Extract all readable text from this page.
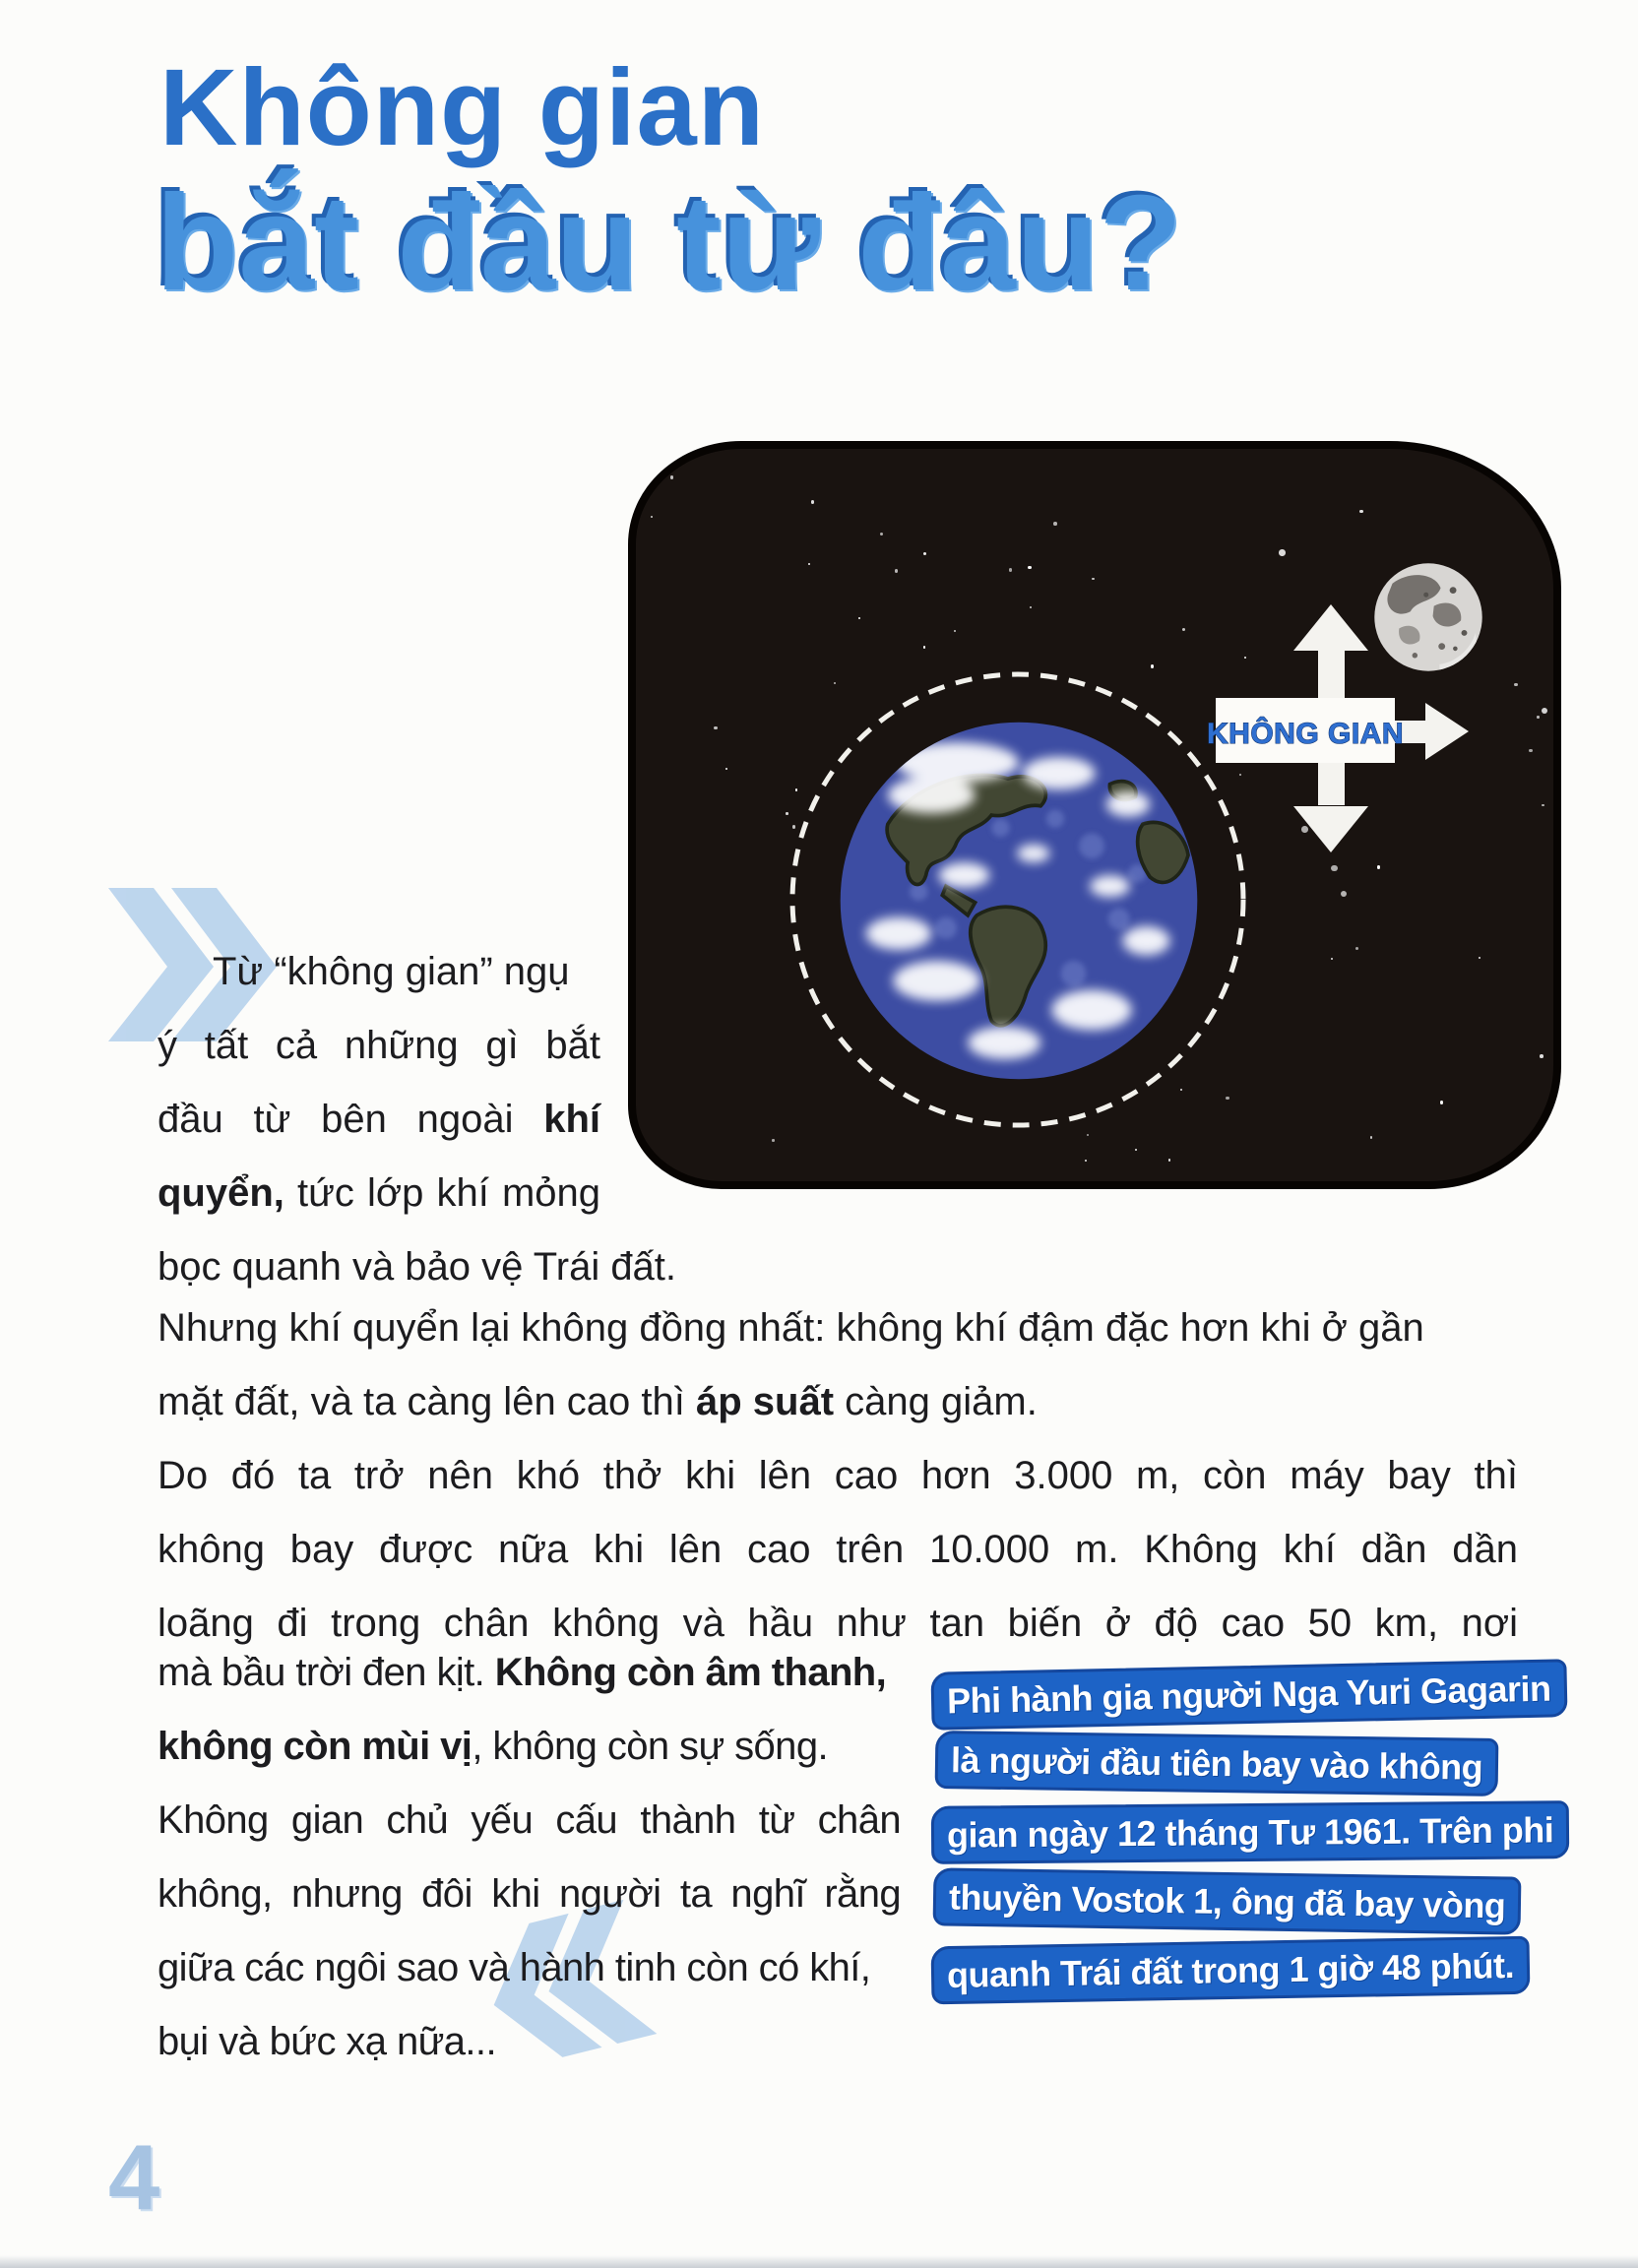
Không gian
bắt đầu từ đâu?
KHÔNG GIAN
Từ “không gian” ngụ
ý tất cả những gì bắt
đầu từ bên ngoài khí
quyển, tức lớp khí mỏng
bọc quanh và bảo vệ Trái đất.
Nhưng khí quyển lại không đồng nhất: không khí đậm đặc hơn khi ở gần
mặt đất, và ta càng lên cao thì áp suất càng giảm.
Do đó ta trở nên khó thở khi lên cao hơn 3.000 m, còn máy bay thì
không bay được nữa khi lên cao trên 10.000 m. Không khí dần dần
loãng đi trong chân không và hầu như tan biến ở độ cao 50 km, nơi
mà bầu trời đen kịt. Không còn âm thanh,
không còn mùi vị, không còn sự sống.
Không gian chủ yếu cấu thành từ chân
không, nhưng đôi khi người ta nghĩ rằng
giữa các ngôi sao và hành tinh còn có khí,
bụi và bức xạ nữa...
Phi hành gia người Nga Yuri Gagarin
là người đầu tiên bay vào không
gian ngày 12 tháng Tư 1961. Trên phi
thuyền Vostok 1, ông đã bay vòng
quanh Trái đất trong 1 giờ 48 phút.
4
